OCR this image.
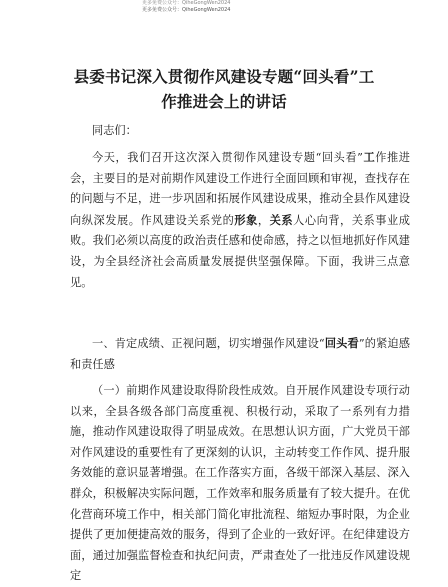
更多免费公众号：QiheGongWen2024
更多免费公众号：QiheGongWen2024
县委书记深入贯彻作风建设专题“回头看”工
作推进会上的讲话
同志们：
今天，我们召开这次深入贯彻作风建设专题“回头看”工作推进会，主要目的是对前期作风建设工作进行全面回顾和审视，查找存在的问题与不足，进一步巩固和拓展作风建设成果，推动全县作风建设向纵深发展。作风建设关系党的形象，关系人心向背，关系事业成败。我们必须以高度的政治责任感和使命感，持之以恒地抓好作风建设，为全县经济社会高质量发展提供坚强保障。下面，我讲三点意见。
一、肯定成绩、正视问题，切实增强作风建设“回头看”的紧迫感和责任感
（一）前期作风建设取得阶段性成效。自开展作风建设专项行动以来，全县各级各部门高度重视、积极行动，采取了一系列有力措施，推动作风建设取得了明显成效。在思想认识方面，广大党员干部对作风建设的重要性有了更深刻的认识，主动转变工作作风、提升服务效能的意识显著增强。在工作落实方面，各级干部深入基层、深入群众，积极解决实际问题，工作效率和服务质量有了较大提升。在优化营商环境工作中，相关部门简化审批流程、缩短办事时限，为企业提供了更加便捷高效的服务，得到了企业的一致好评。在纪律建设方面，通过加强监督检查和执纪问责，严肃查处了一批违反作风建设规定
